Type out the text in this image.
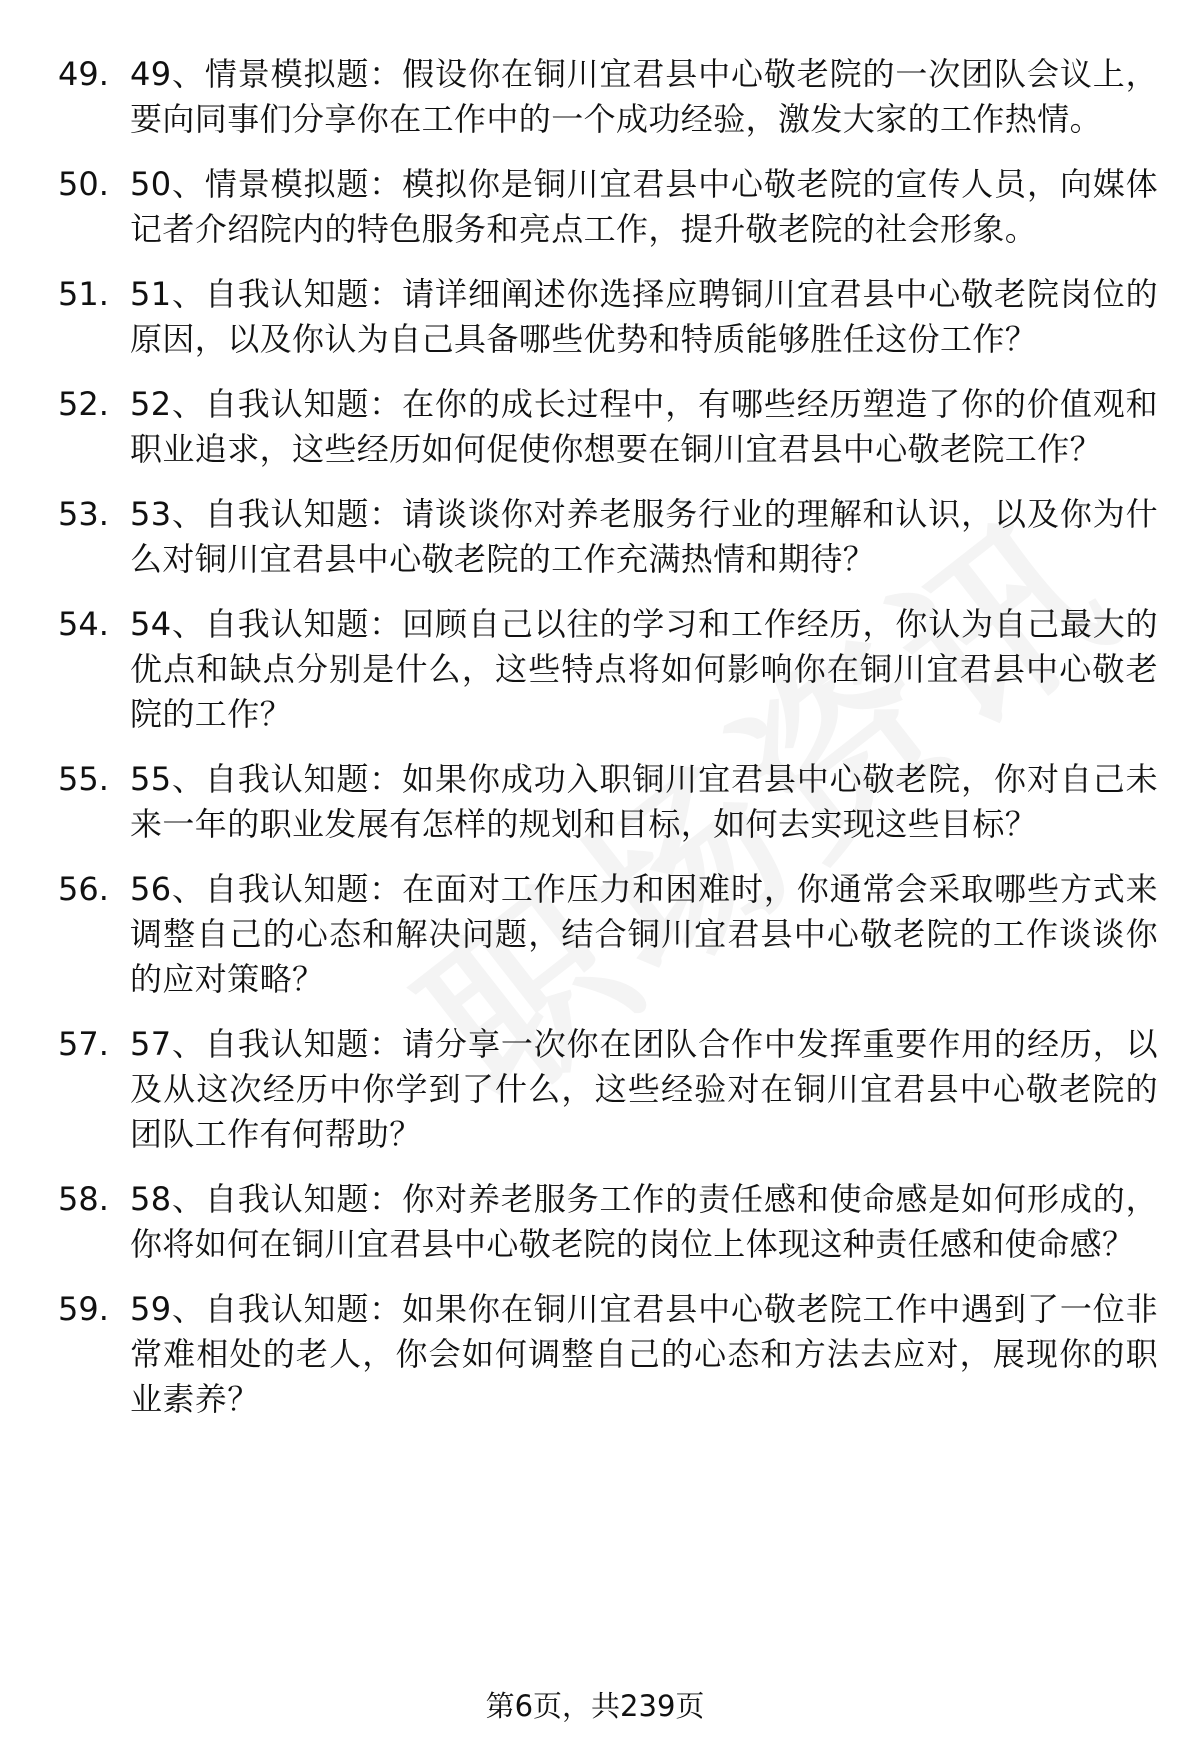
49. 49、情景模拟题：假设你在铜川宜君县中心敬老院的一次团队会议上，要向同事们分享你在工作中的一个成功经验，激发大家的工作热情。
50. 50、情景模拟题：模拟你是铜川宜君县中心敬老院的宣传人员，向媒体记者介绍院内的特色服务和亮点工作，提升敬老院的社会形象。
51. 51、自我认知题：请详细阐述你选择应聘铜川宜君县中心敬老院岗位的原因，以及你认为自己具备哪些优势和特质能够胜任这份工作？
52. 52、自我认知题：在你的成长过程中，有哪些经历塑造了你的价值观和职业追求，这些经历如何促使你想要在铜川宜君县中心敬老院工作？
53. 53、自我认知题：请谈谈你对养老服务行业的理解和认识，以及你为什么对铜川宜君县中心敬老院的工作充满热情和期待？
54. 54、自我认知题：回顾自己以往的学习和工作经历，你认为自己最大的优点和缺点分别是什么，这些特点将如何影响你在铜川宜君县中心敬老院的工作？
55. 55、自我认知题：如果你成功入职铜川宜君县中心敬老院，你对自己未来一年的职业发展有怎样的规划和目标，如何去实现这些目标？
56. 56、自我认知题：在面对工作压力和困难时，你通常会采取哪些方式来调整自己的心态和解决问题，结合铜川宜君县中心敬老院的工作谈谈你的应对策略？
57. 57、自我认知题：请分享一次你在团队合作中发挥重要作用的经历，以及从这次经历中你学到了什么，这些经验对在铜川宜君县中心敬老院的团队工作有何帮助？
58. 58、自我认知题：你对养老服务工作的责任感和使命感是如何形成的，你将如何在铜川宜君县中心敬老院的岗位上体现这种责任感和使命感？
59. 59、自我认知题：如果你在铜川宜君县中心敬老院工作中遇到了一位非常难相处的老人，你会如何调整自己的心态和方法去应对，展现你的职业素养？
第6页，共239页
